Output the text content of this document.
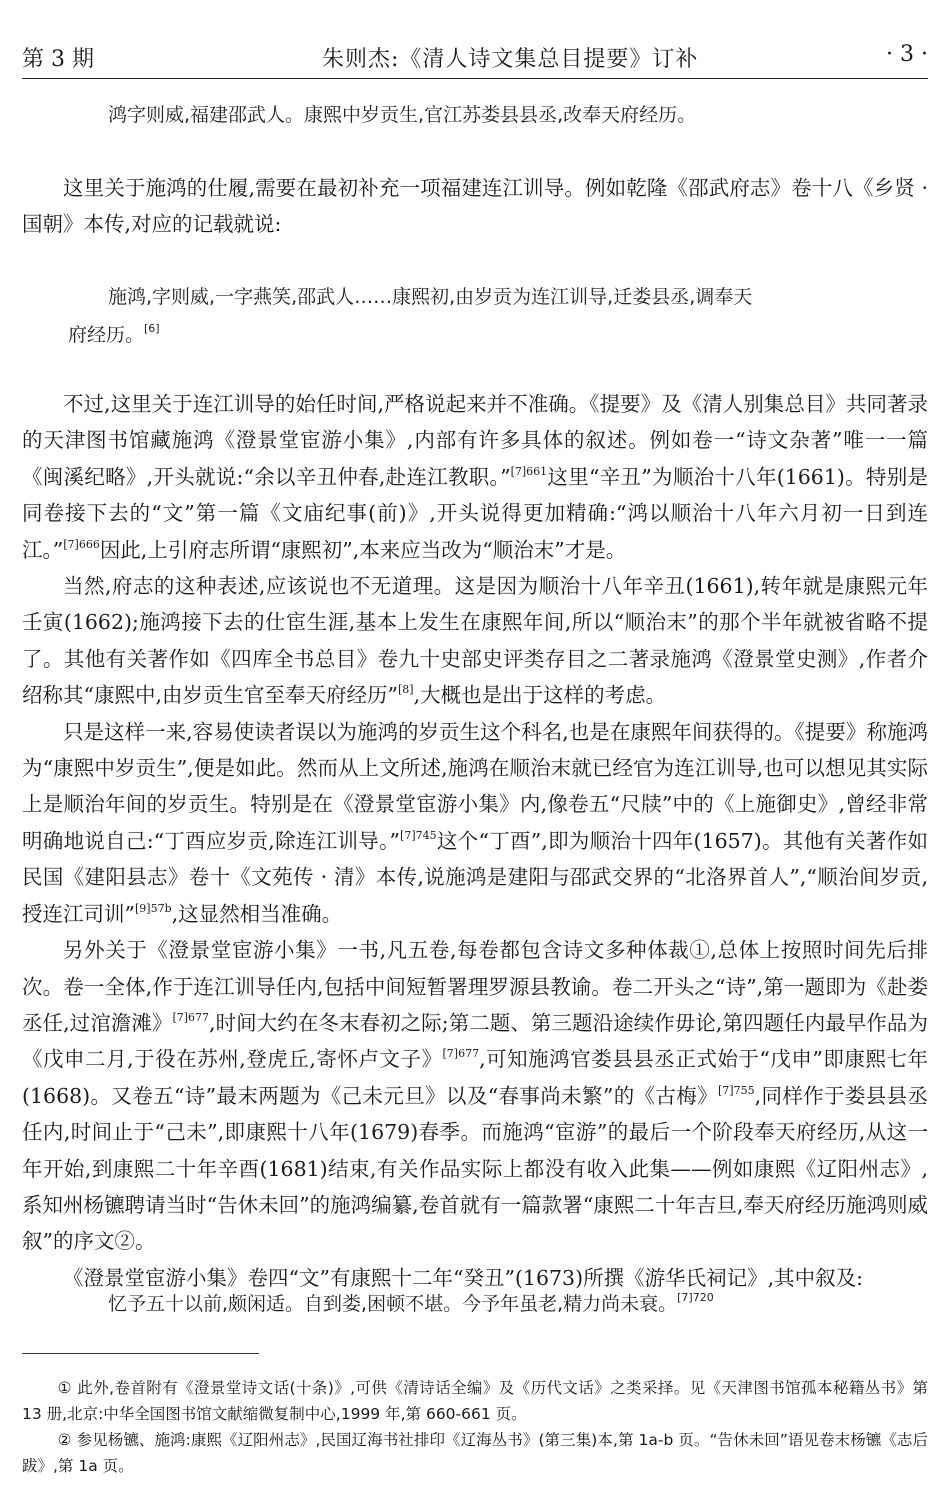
第 3 期	朱则杰:《清人诗文集总目提要》订补	· 3 ·

鸿字则威,福建邵武人。康熙中岁贡生,官江苏娄县县丞,改奉天府经历。

这里关于施鸿的仕履,需要在最初补充一项福建连江训导。例如乾隆《邵武府志》卷十八《乡贤 · 国朝》本传,对应的记载就说:

施鸿,字则威,一字燕笑,邵武人……康熙初,由岁贡为连江训导,迁娄县丞,调奉天
府经历。[6]

不过,这里关于连江训导的始任时间,严格说起来并不准确。《提要》及《清人别集总目》共同著录的天津图书馆藏施鸿《澄景堂宦游小集》,内部有许多具体的叙述。例如卷一“诗文杂著”唯一一篇《闽溪纪略》,开头就说:“余以辛丑仲春,赴连江教职。”$^{[7]661}$这里“辛丑”为顺治十八年(1661)。特别是同卷接下去的“文”第一篇《文庙纪事(前)》,开头说得更加精确:“鸿以顺治十八年六月初一日到连江。”$^{[7]666}$因此,上引府志所谓“康熙初”,本来应当改为“顺治末”才是。

当然,府志的这种表述,应该说也不无道理。这是因为顺治十八年辛丑(1661),转年就是康熙元年壬寅(1662);施鸿接下去的仕宦生涯,基本上发生在康熙年间,所以“顺治末”的那个半年就被省略不提了。其他有关著作如《四库全书总目》卷九十史部史评类存目之二著录施鸿《澄景堂史测》,作者介绍称其“康熙中,由岁贡生官至奉天府经历”[8],大概也是出于这样的考虑。

只是这样一来,容易使读者误以为施鸿的岁贡生这个科名,也是在康熙年间获得的。《提要》称施鸿为“康熙中岁贡生”,便是如此。然而从上文所述,施鸿在顺治末就已经官为连江训导,也可以想见其实际上是顺治年间的岁贡生。特别是在《澄景堂宦游小集》内,像卷五“尺牍”中的《上施御史》,曾经非常明确地说自己:“丁酉应岁贡,除连江训导。”$^{[7]745}$这个“丁酉”,即为顺治十四年(1657)。其他有关著作如民国《建阳县志》卷十《文苑传 · 清》本传,说施鸿是建阳与邵武交界的“北洛界首人”,“顺治间岁贡,授连江司训”$^{[9]57b}$,这显然相当准确。

另外关于《澄景堂宦游小集》一书,凡五卷,每卷都包含诗文多种体裁①,总体上按照时间先后排次。卷一全体,作于连江训导任内,包括中间短暂署理罗源县教谕。卷二开头之“诗”,第一题即为《赴娄丞任,过涫澹滩》$^{[7]677}$,时间大约在冬末春初之际;第二题、第三题沿途续作毋论,第四题任内最早作品为《戊申二月,于役在苏州,登虎丘,寄怀卢文子》$^{[7]677}$,可知施鸿官娄县县丞正式始于“戊申”即康熙七年(1668)。又卷五“诗”最末两题为《己未元旦》以及“春事尚未繁”的《古梅》$^{[7]755}$,同样作于娄县县丞任内,时间止于“己未”,即康熙十八年(1679)春季。而施鸿“宦游”的最后一个阶段奉天府经历,从这一年开始,到康熙二十年辛酉(1681)结束,有关作品实际上都没有收入此集——例如康熙《辽阳州志》,系知州杨镳聘请当时“告休未回”的施鸿编纂,卷首就有一篇款署“康熙二十年吉旦,奉天府经历施鸿则威叙”的序文②。

《澄景堂宦游小集》卷四“文”有康熙十二年“癸丑”(1673)所撰《游华氏祠记》,其中叙及:

忆予五十以前,颇闲适。自到娄,困顿不堪。今予年虽老,精力尚未衰。$^{[7]720}$

① 此外,卷首附有《澄景堂诗文话(十条)》,可供《清诗话全编》及《历代文话》之类采择。见《天津图书馆孤本秘籍丛书》第 13 册,北京:中华全国图书馆文献缩微复制中心,1999 年,第 660-661 页。

② 参见杨镳、施鸿:康熙《辽阳州志》,民国辽海书社排印《辽海丛书》(第三集)本,第 1a-b 页。“告休未回”语见卷末杨镳《志后跋》,第 1a 页。
